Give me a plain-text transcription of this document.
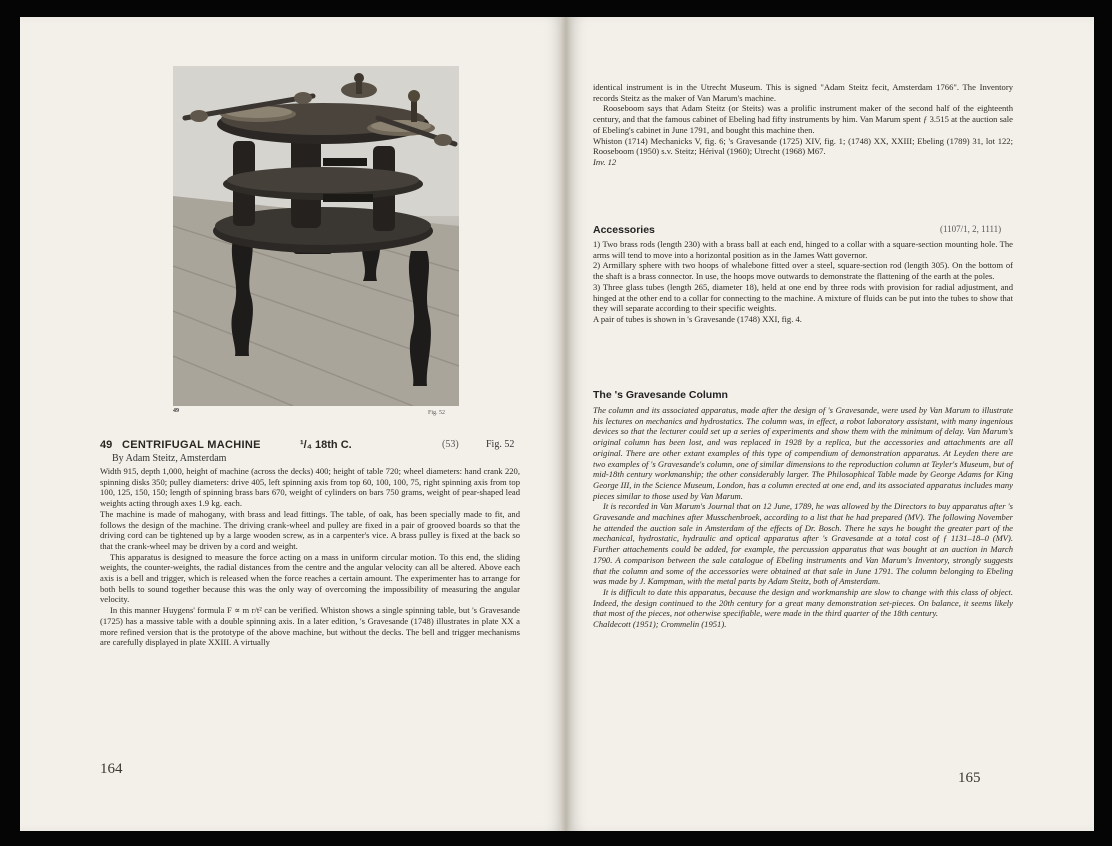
49	Fig. 52
49 CENTRIFUGAL MACHINE	¹/₄ 18th C.	(53)	Fig. 52
By Adam Steitz, Amsterdam

Width 915, depth 1,000, height of machine (across the decks) 400; height of table 720; wheel diameters: hand crank 220, spinning disks 350; pulley diameters: drive 405, left spinning axis from top 60, 100, 100, 75, right spinning axis from top 100, 125, 150, 150; length of spinning brass bars 670, weight of cylinders on bars 750 grams, weight of pear-shaped lead weights acting through axes 1.9 kg. each.

The machine is made of mahogany, with brass and lead fittings. The table, of oak, has been specially made to fit, and follows the design of the machine. The driving crank-wheel and pulley are fixed in a pair of grooved boards so that the driving cord can be tightened up by a large wooden screw, as in a carpenter's vice. A brass pulley is fixed at the back so that the crank-wheel may be driven by a cord and weight.

This apparatus is designed to measure the force acting on a mass in uniform circular motion. To this end, the sliding weights, the counter-weights, the radial distances from the centre and the angular velocity can all be altered. Above each axis is a bell and trigger, which is released when the force reaches a certain amount. The experimenter has to arrange for both bells to sound together because this was the only way of overcoming the impossibility of measuring the angular velocity.

In this manner Huygens' formula F ∝ m r/t² can be verified. Whiston shows a single spinning table, but 's Gravesande (1725) has a massive table with a double spinning axis. In a later edition, 's Gravesande (1748) illustrates in plate XX a more refined version that is the prototype of the above machine, but without the decks. The bell and trigger mechanisms are carefully displayed in plate XXIII. A virtually

164

identical instrument is in the Utrecht Museum. This is signed "Adam Steitz fecit, Amsterdam 1766". The Inventory records Steitz as the maker of Van Marum's machine.

Rooseboom says that Adam Steitz (or Steits) was a prolific instrument maker of the second half of the eighteenth century, and that the famous cabinet of Ebeling had fifty instruments by him. Van Marum spent ƒ 3.515 at the auction sale of Ebeling's cabinet in June 1791, and bought this machine then.

Whiston (1714) Mechanicks V, fig. 6; 's Gravesande (1725) XIV, fig. 1; (1748) XX, XXIII; Ebeling (1789) 31, lot 122; Rooseboom (1950) s.v. Steitz; Hérival (1960); Utrecht (1968) M67.

Inv. 12

Accessories	(1107/1, 2, 1111)

1) Two brass rods (length 230) with a brass ball at each end, hinged to a collar with a square-section mounting hole. The arms will tend to move into a horizontal position as in the James Watt governor.

2) Armillary sphere with two hoops of whalebone fitted over a steel, square-section rod (length 305). On the bottom of the shaft is a brass connector. In use, the hoops move outwards to demonstrate the flattening of the earth at the poles.

3) Three glass tubes (length 265, diameter 18), held at one end by three rods with provision for radial adjustment, and hinged at the other end to a collar for connecting to the machine. A mixture of fluids can be put into the tubes to show that they will separate according to their specific weights.

A pair of tubes is shown in 's Gravesande (1748) XXI, fig. 4.

The 's Gravesande Column

The column and its associated apparatus, made after the design of 's Gravesande, were used by Van Marum to illustrate his lectures on mechanics and hydrostatics. The column was, in effect, a robot laboratory assistant, with many ingenious devices so that the lecturer could set up a series of experiments and show them with the minimum of delay. Van Marum's original column has been lost, and was replaced in 1928 by a replica, but the accessories and attachments are all original. There are other extant examples of this type of compendium of demonstration apparatus. At Leyden there are two examples of 's Gravesande's column, one of similar dimensions to the reproduction column at Teyler's Museum, but of mid-18th century workmanship; the other considerably larger. The Philosophical Table made by George Adams for King George III, in the Science Museum, London, has a column erected at one end, and its associated apparatus includes many pieces similar to those used by Van Marum.

It is recorded in Van Marum's Journal that on 12 June, 1789, he was allowed by the Directors to buy apparatus after 's Gravesande and machines after Musschenbroek, according to a list that he had prepared (MV). The following November he attended the auction sale in Amsterdam of the effects of Dr. Bosch. There he says he bought the greater part of the mechanical, hydrostatic, hydraulic and optical apparatus after 's Gravesande at a total cost of ƒ 1131–18–0 (MV). Further attachements could be added, for example, the percussion apparatus that was bought at an auction in March 1790. A comparison between the sale catalogue of Ebeling instruments and Van Marum's Inventory, strongly suggests that the column and some of the accessories were obtained at that sale in June 1791. The column belonging to Ebeling was made by J. Kampman, with the metal parts by Adam Steitz, both of Amsterdam.

It is difficult to date this apparatus, because the design and workmanship are slow to change with this class of object. Indeed, the design continued to the 20th century for a great many demonstration set-pieces. On balance, it seems likely that most of the pieces, not otherwise specifiable, were made in the third quarter of the 18th century.

Chaldecott (1951); Crommelin (1951).

165
